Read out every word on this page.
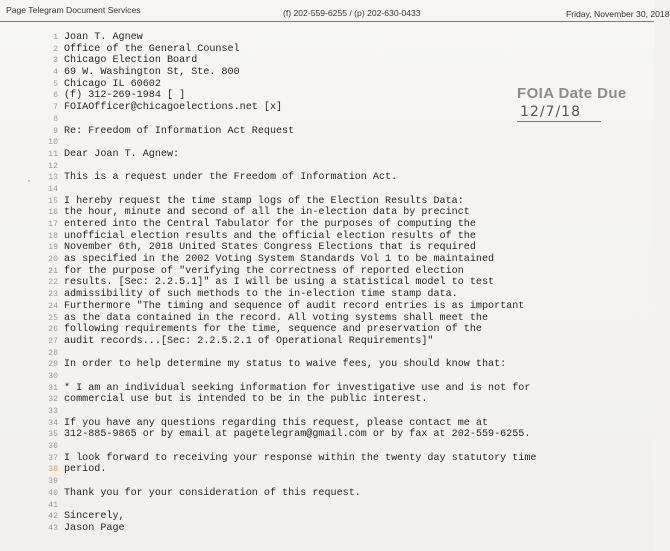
Page Telegram Document Services	(f) 202-559-6255 / (p) 202-630-0433	Friday, November 30, 2018
FOIA Date Due
12/7/18
1 Joan T. Agnew
2 Office of the General Counsel
3 Chicago Election Board
4 69 W. Washington St, Ste. 800
5 Chicago IL 60602
6 (f) 312-269-1984 [ ]
7 FOIAOfficer@chicagoelections.net [x]
8
9 Re: Freedom of Information Act Request
10
11 Dear Joan T. Agnew:
12
13 This is a request under the Freedom of Information Act.
14
15 I hereby request the time stamp logs of the Election Results Data:
16 the hour, minute and second of all the in-election data by precinct
17 entered into the Central Tabulator for the purposes of computing the
18 unofficial election results and the official election results of the
19 November 6th, 2018 United States Congress Elections that is required
20 as specified in the 2002 Voting System Standards Vol 1 to be maintained
21 for the purpose of "verifying the correctness of reported election
22 results. [Sec: 2.2.5.1]" as I will be using a statistical model to test
23 admissibility of such methods to the in-election time stamp data.
24 Furthermore "The timing and sequence of audit record entries is as important
25 as the data contained in the record. All voting systems shall meet the
26 following requirements for the time, sequence and preservation of the
27 audit records...[Sec: 2.2.5.2.1 of Operational Requirements]"
28
29 In order to help determine my status to waive fees, you should know that:
30
31 * I am an individual seeking information for investigative use and is not for
32 commercial use but is intended to be in the public interest.
33
34 If you have any questions regarding this request, please contact me at
35 312-885-9865 or by email at pagetelegram@gmail.com or by fax at 202-559-6255.
36
37 I look forward to receiving your response within the twenty day statutory time
38 period.
39
40 Thank you for your consideration of this request.
41
42 Sincerely,
43 Jason Page
